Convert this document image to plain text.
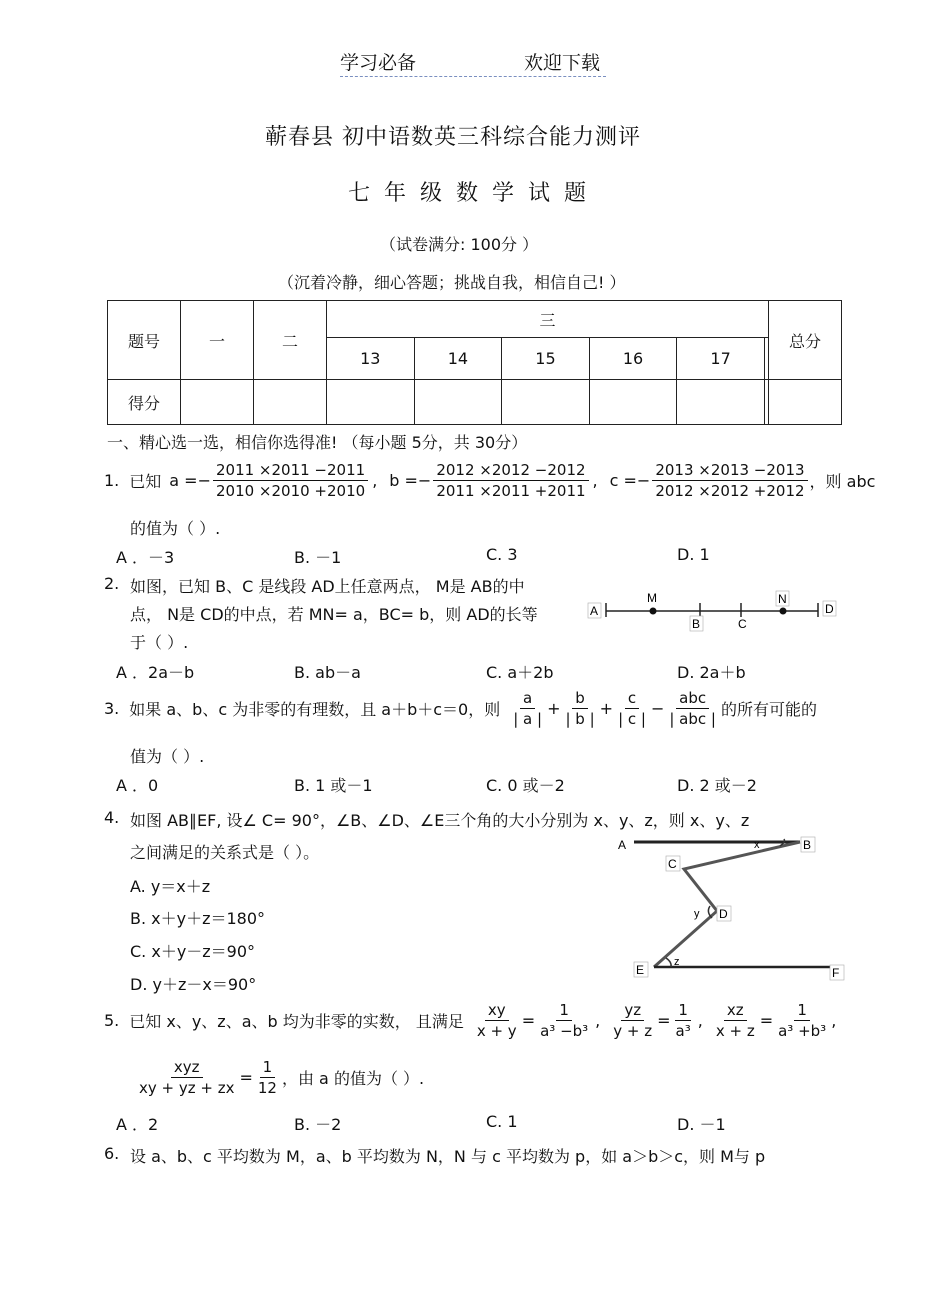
学习必备	欢迎下载
蕲春县 初中语数英三科综合能力测评
七年级数学试题
（试卷满分: 100分 ）
（沉着冷静，细心答题；挑战自我，相信自己! ）
题号	一	二	三						总分
			13	14	15	16	17		
得分									
一、精心选一选，相信你选得准! （每小题 5分，共 30分）
1. 已知 $a =- \frac{2011 \times 2011 -2011}{2010 \times 2010 +2010}$ , $b =- \frac{2012 \times 2012 -2012}{2011 \times 2011 +2011}$ , $c =- \frac{2013 \times 2013 -2013}{2012 \times 2012 +2012}$ ，则 abc
的值为（ ）.
A ．－3	B. －1	C. 3	D. 1
2. 如图，已知 B、C 是线段 AD上任意两点， M是 AB的中
点， N是 CD的中点，若 MN= a，BC= b，则 AD的长等
于（ ）.
A
M
B	C
N
D
A ．2a－b	B. ab－a	C. a＋2b	D. 2a＋b
3. 如果 a、b、c 为非零的有理数，且 a＋b＋c＝0，则 $\frac{a}{| a |} + \frac{b}{| b |} + \frac{c}{| c |} - \frac{\text{abc}}{\text{| abc |}}$ 的所有可能的
值为（ ）.
A ．0	B. 1 或－1	C. 0 或－2	D. 2 或－2
4. 如图 AB∥EF, 设∠ C= 90°，∠B、∠D、∠E三个角的大小分别为 x、y、z，则 x、y、z
之间满足的关系式是（ ）。
A. y＝x＋z
B. x＋y＋z＝180°
C. x＋y－z＝90°
D. y＋z－x＝90°
A	B
C
D
E	F
x
y
z
5. 已知 x、y、z、a、b 均为非零的实数， 且满足 $\frac{xy}{x + y} = \frac{1}{\text{a³ −b³}}$ , $\frac{yz}{y + z} = \frac{1}{\text{a³}}$ , $\frac{xz}{x + z} = \frac{1}{\text{a³ +b³}}$ ,
$\frac{\text{xyz}}{xy + yz + zx} = \frac{1}{12}$ ，由 a 的值为（ ）.
A ．2	B. －2	C. 1	D. －1
6. 设 a、b、c 平均数为 M，a、b 平均数为 N，N 与 c 平均数为 p，如 a＞b＞c，则 M与 p
